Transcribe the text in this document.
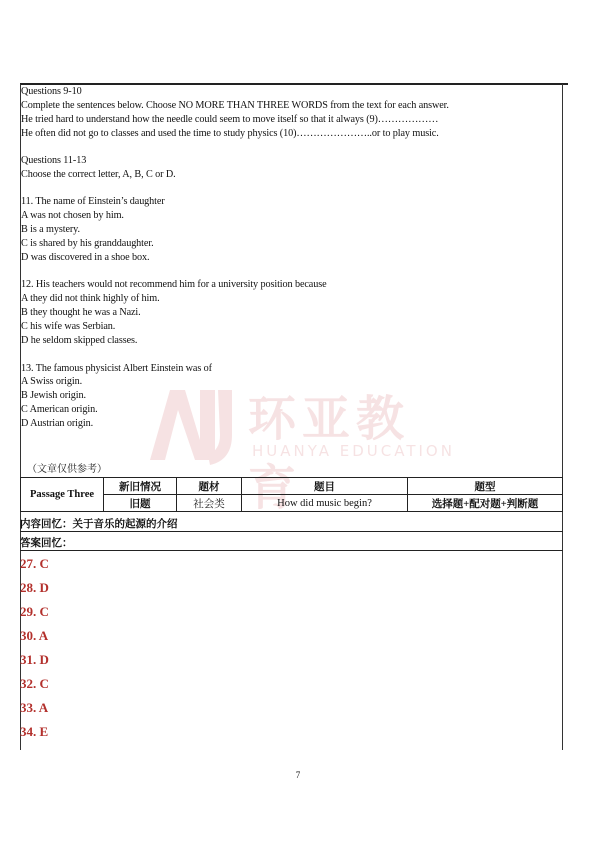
Questions 9-10

Complete the sentences below. Choose NO MORE THAN THREE WORDS from the text for each answer.

He tried hard to understand how the needle could seem to move itself so that it always (9)………………

He often did not go to classes and used the time to study physics (10)…………………..or to play music.

Questions 11-13

Choose the correct letter, A, B, C or D.

11. The name of Einstein’s daughter

A was not chosen by him.

B is a mystery.

C is shared by his granddaughter.

D was discovered in a shoe box.

12. His teachers would not recommend him for a university position because

A they did not think highly of him.

B they thought he was a Nazi.

C his wife was Serbian.

D he seldom skipped classes.

13. The famous physicist Albert Einstein was of

A Swiss origin.

B Jewish origin.

C American origin.

D Austrian origin.	环亚教育
HUANYA EDUCATION
（文章仅供参考）
Passage Three	新旧情况	题材	题目	题型
	旧题	社会类	How did music begin?	选择题+配对题+判断题
内容回忆：关于音乐的起源的介绍
答案回忆：
27. C
28. D
29. C
30. A
31. D
32. C
33. A
34. E
7
